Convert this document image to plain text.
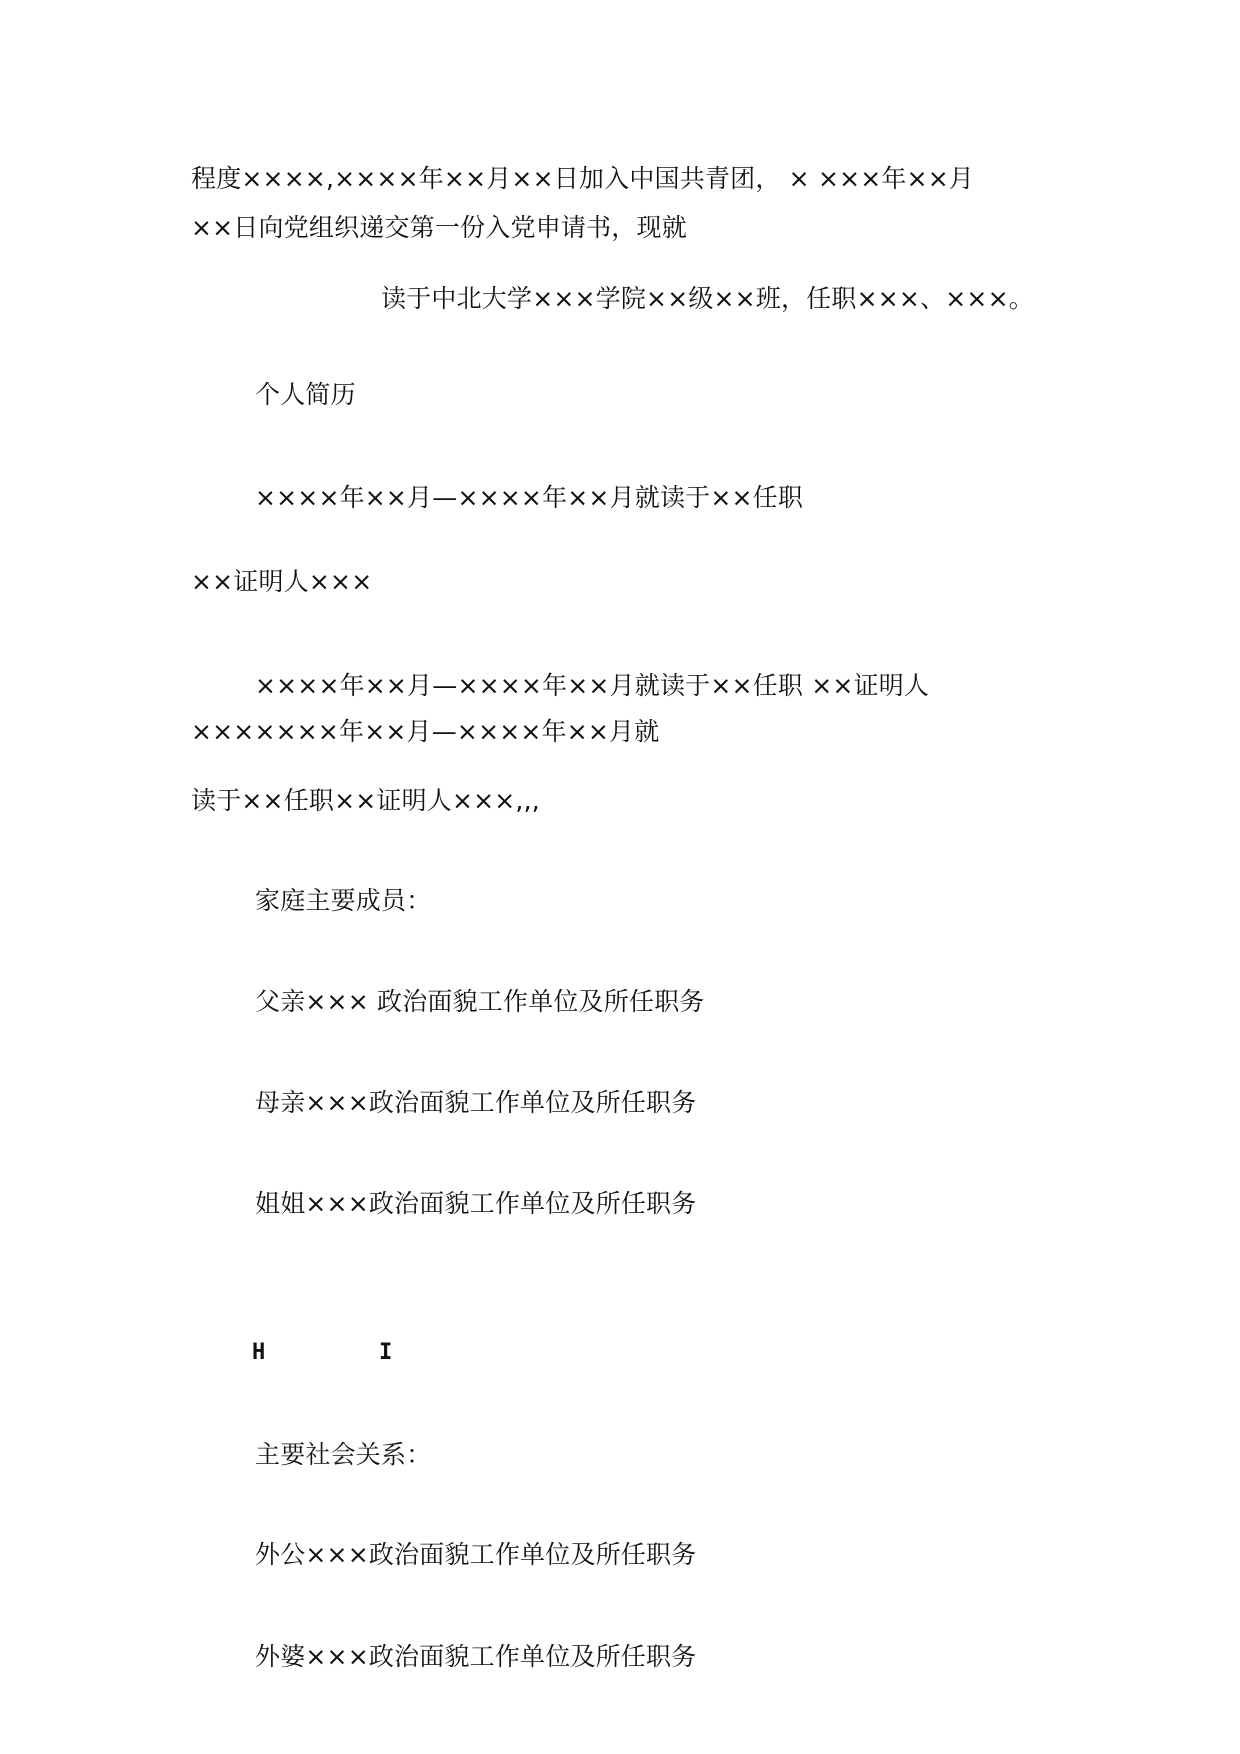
程度××××,××××年××月××日加入中国共青团， × ×××年××月
××日向党组织递交第一份入党申请书，现就
读于中北大学×××学院××级××班，任职×××、×××。
个人简历
××××年××月—××××年××月就读于××任职
××证明人×××
××××年××月—××××年××月就读于××任职 ××证明人
×××××××年××月—××××年××月就
读于××任职××证明人×××,,,
家庭主要成员：
父亲××× 政治面貌工作单位及所任职务
母亲×××政治面貌工作单位及所任职务
姐姐×××政治面貌工作单位及所任职务
H	I
主要社会关系：
外公×××政治面貌工作单位及所任职务
外婆×××政治面貌工作单位及所任职务
